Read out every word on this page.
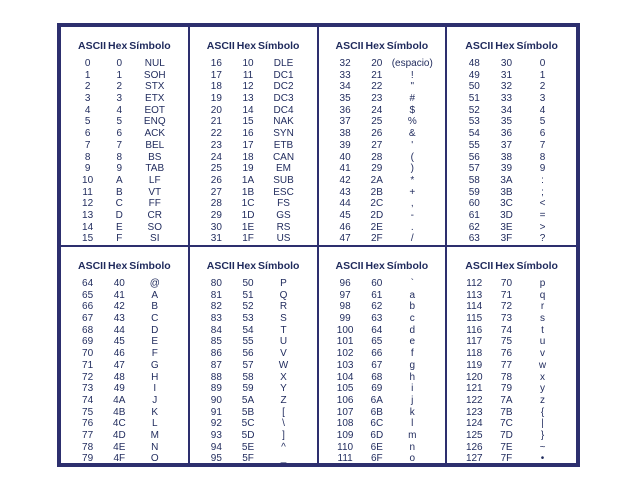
ASCII Hex Símbolo
0	0	NUL
1	1	SOH
2	2	STX
3	3	ETX
4	4	EOT
5	5	ENQ
6	6	ACK
7	7	BEL
8	8	BS
9	9	TAB
10	A	LF
11	B	VT
12	C	FF
13	D	CR
14	E	SO
15	F	SI
ASCII Hex Símbolo
16	10	DLE
17	11	DC1
18	12	DC2
19	13	DC3
20	14	DC4
21	15	NAK
22	16	SYN
23	17	ETB
24	18	CAN
25	19	EM
26	1A	SUB
27	1B	ESC
28	1C	FS
29	1D	GS
30	1E	RS
31	1F	US
ASCII Hex Símbolo
32	20 (espacio)
33	21	!
34	22	"
35	23	#
36	24	$
37	25	%
38	26	&
39	27	'
40	28	(
41	29	)
42	2A	*
43	2B	+
44	2C	,
45	2D	-
46	2E	.
47	2F	/
ASCII Hex Símbolo
48	30	0
49	31	1
50	32	2
51	33	3
52	34	4
53	35	5
54	36	6
55	37	7
56	38	8
57	39	9
58	3A	:
59	3B	;
60	3C	<
61	3D	=
62	3E	>
63	3F	?
ASCII Hex Símbolo
64	40	@
65	41	A
66	42	B
67	43	C
68	44	D
69	45	E
70	46	F
71	47	G
72	48	H
73	49	I
74	4A	J
75	4B	K
76	4C	L
77	4D	M
78	4E	N
79	4F	O
ASCII Hex Símbolo
80	50	P
81	51	Q
82	52	R
83	53	S
84	54	T
85	55	U
86	56	V
87	57	W
88	58	X
89	59	Y
90	5A	Z
91	5B	[
92	5C	\
93	5D	]
94	5E	^
95	5F	_
ASCII Hex Símbolo
96	60	`
97	61	a
98	62	b
99	63	c
100	64	d
101	65	e
102	66	f
103	67	g
104	68	h
105	69	i
106	6A	j
107	6B	k
108	6C	l
109	6D	m
110	6E	n
111	6F	o
ASCII Hex Símbolo
112	70	p
113	71	q
114	72	r
115	73	s
116	74	t
117	75	u
118	76	v
119	77	w
120	78	x
121	79	y
122	7A	z
123	7B	{
124	7C	|
125	7D	}
126	7E	~
127	7F	•
